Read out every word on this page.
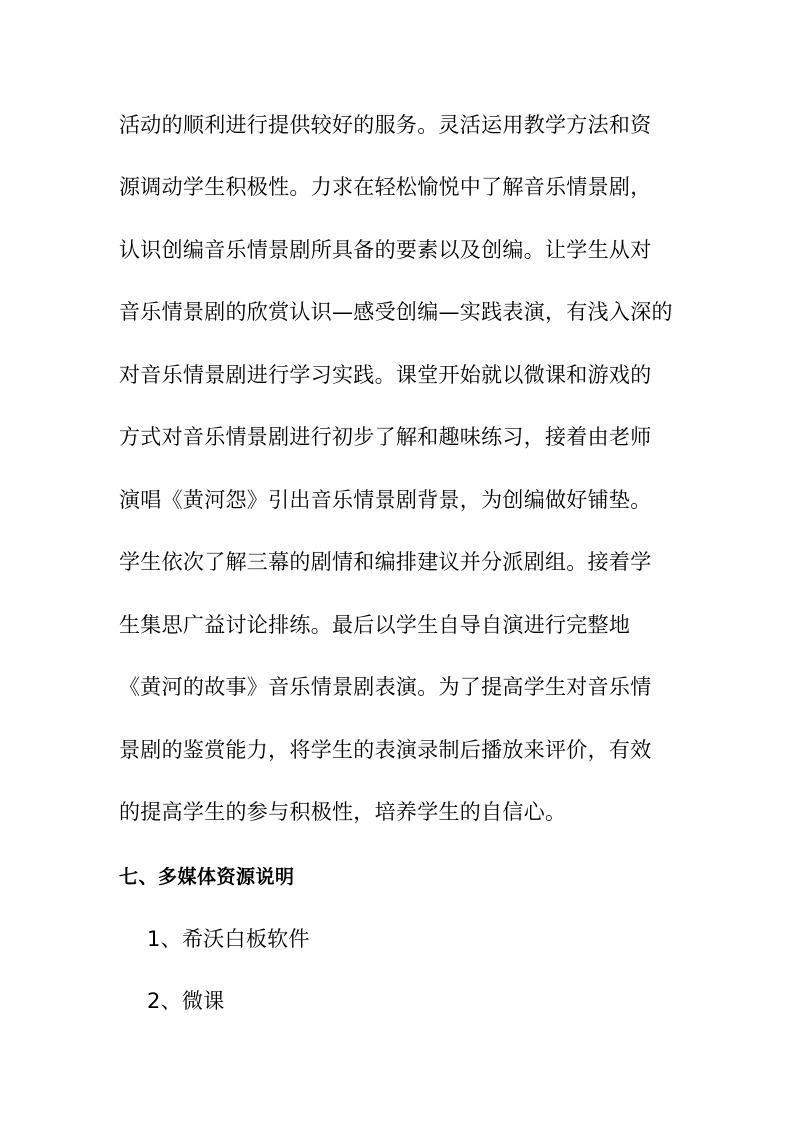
活动的顺利进行提供较好的服务。灵活运用教学方法和资
源调动学生积极性。力求在轻松愉悦中了解音乐情景剧，
认识创编音乐情景剧所具备的要素以及创编。让学生从对
音乐情景剧的欣赏认识—感受创编—实践表演，有浅入深的
对音乐情景剧进行学习实践。课堂开始就以微课和游戏的
方式对音乐情景剧进行初步了解和趣味练习，接着由老师
演唱《黄河怨》引出音乐情景剧背景，为创编做好铺垫。
学生依次了解三幕的剧情和编排建议并分派剧组。接着学
生集思广益讨论排练。最后以学生自导自演进行完整地
《黄河的故事》音乐情景剧表演。为了提高学生对音乐情
景剧的鉴赏能力，将学生的表演录制后播放来评价，有效
的提高学生的参与积极性，培养学生的自信心。
七、多媒体资源说明
1、希沃白板软件
2、微课
